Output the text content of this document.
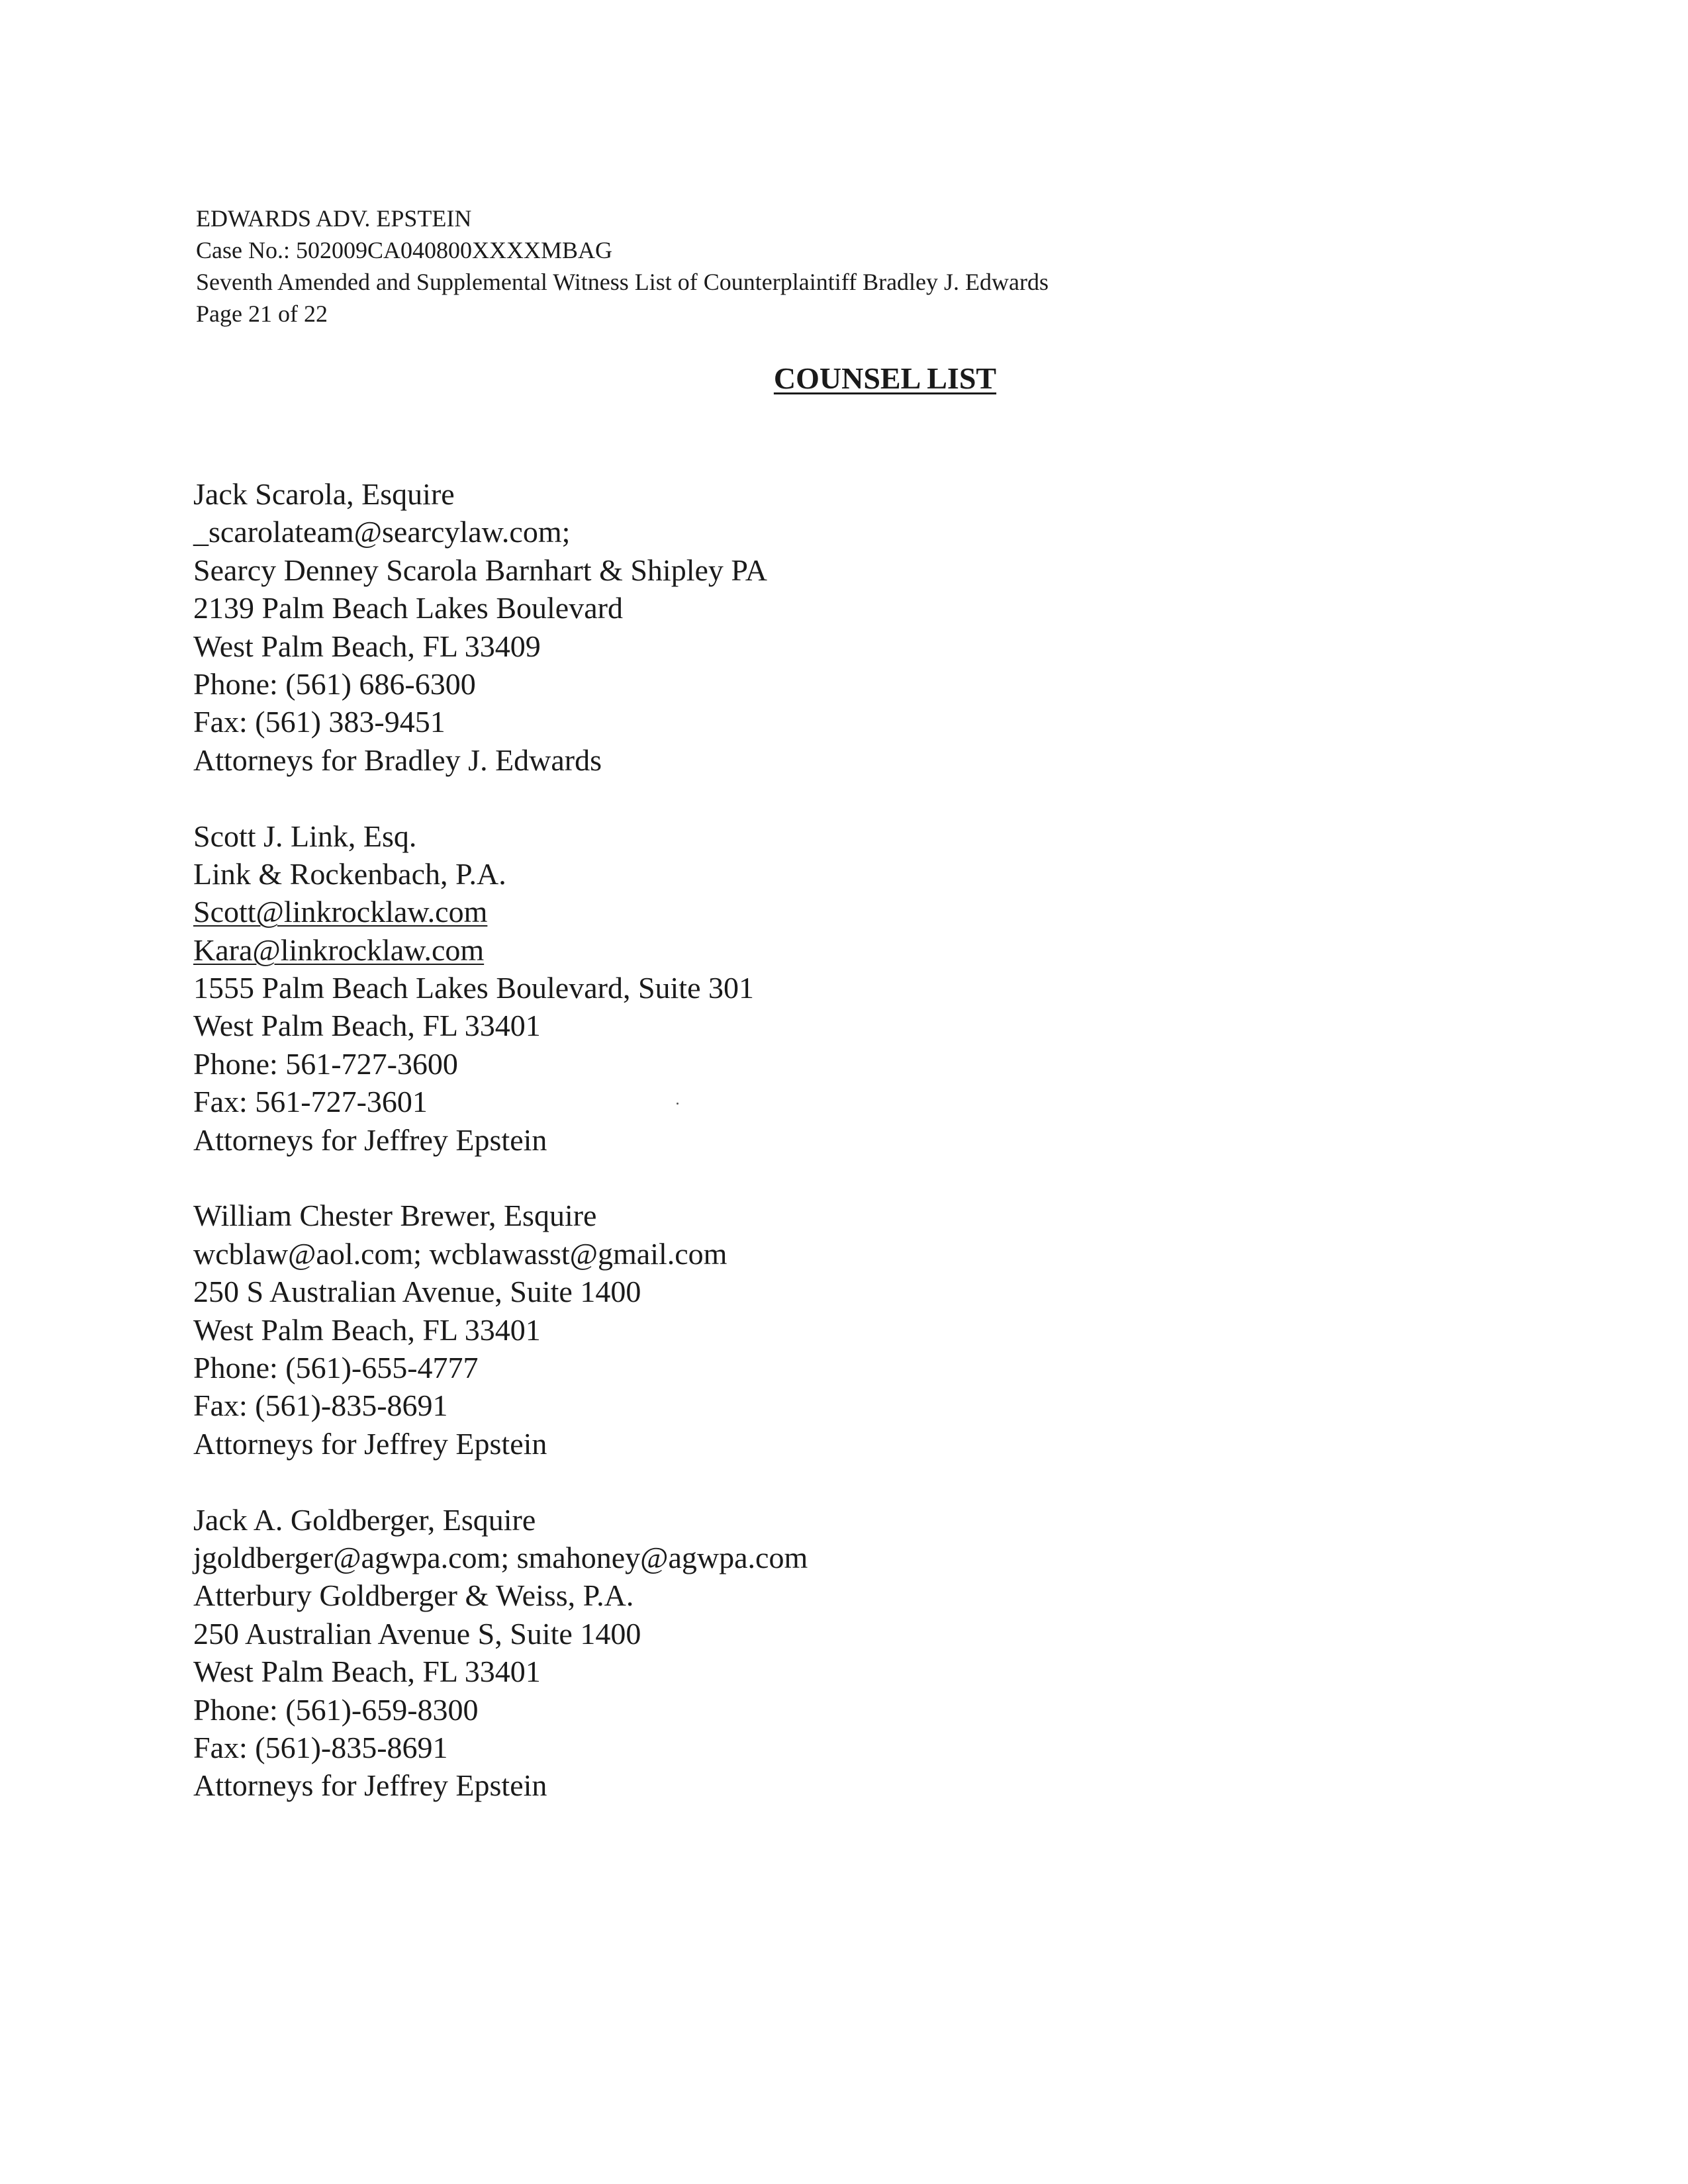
EDWARDS ADV. EPSTEIN
Case No.: 502009CA040800XXXXMBAG
Seventh Amended and Supplemental Witness List of Counterplaintiff Bradley J. Edwards
Page 21 of 22
COUNSEL LIST
Jack Scarola, Esquire
_scarolateam@searcylaw.com;
Searcy Denney Scarola Barnhart & Shipley PA
2139 Palm Beach Lakes Boulevard
West Palm Beach, FL 33409
Phone: (561) 686-6300
Fax: (561) 383-9451
Attorneys for Bradley J. Edwards
Scott J. Link, Esq.
Link & Rockenbach, P.A.
Scott@linkrocklaw.com
Kara@linkrocklaw.com
1555 Palm Beach Lakes Boulevard, Suite 301
West Palm Beach, FL 33401
Phone: 561-727-3600
Fax: 561-727-3601
Attorneys for Jeffrey Epstein
William Chester Brewer, Esquire
wcblaw@aol.com; wcblawasst@gmail.com
250 S Australian Avenue, Suite 1400
West Palm Beach, FL 33401
Phone: (561)-655-4777
Fax: (561)-835-8691
Attorneys for Jeffrey Epstein
Jack A. Goldberger, Esquire
jgoldberger@agwpa.com; smahoney@agwpa.com
Atterbury Goldberger & Weiss, P.A.
250 Australian Avenue S, Suite 1400
West Palm Beach, FL 33401
Phone: (561)-659-8300
Fax: (561)-835-8691
Attorneys for Jeffrey Epstein
